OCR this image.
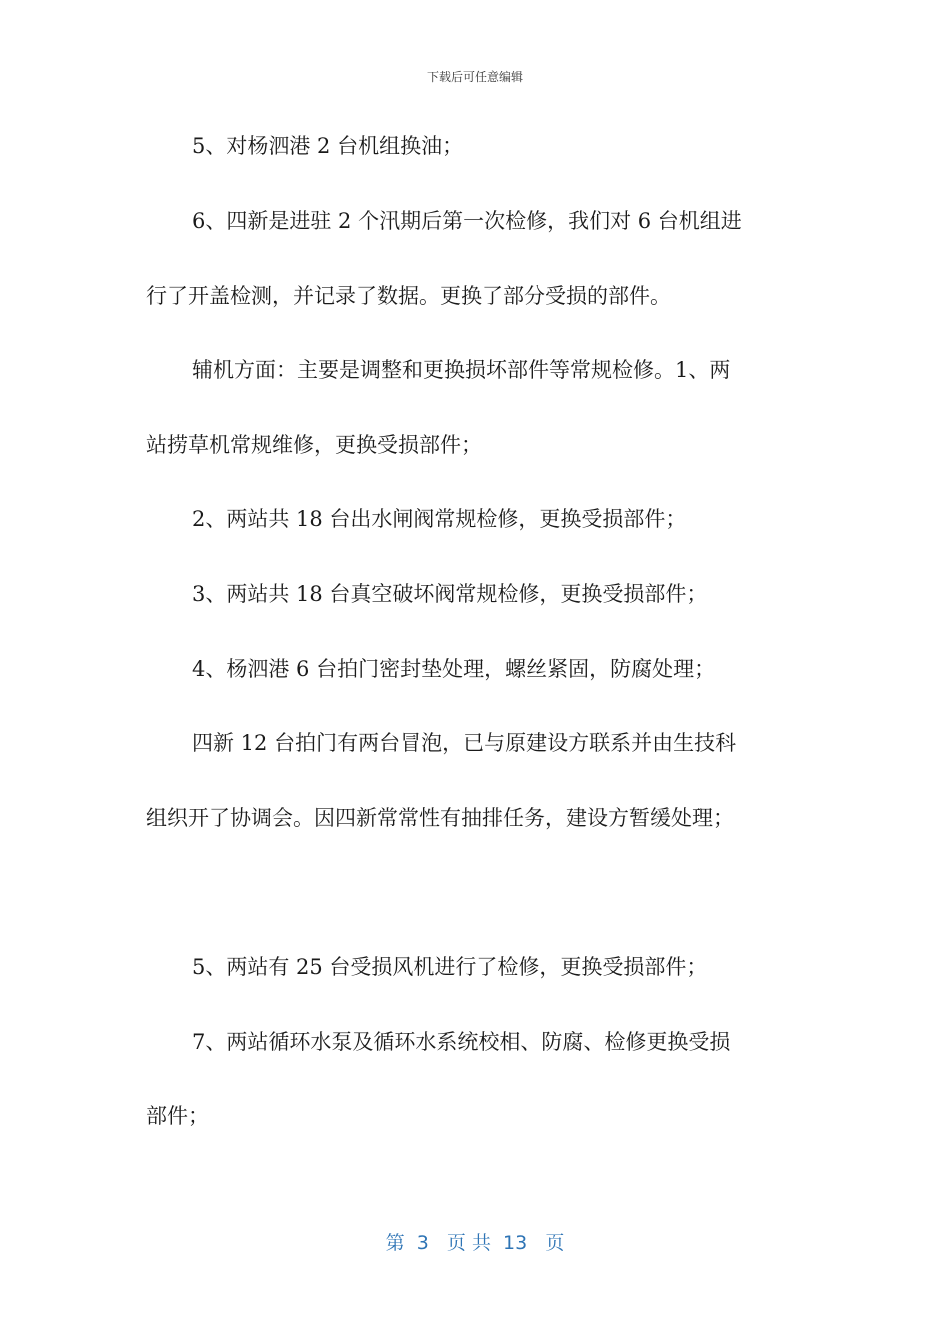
下载后可任意编辑
5、对杨泗港 2 台机组换油；
6、四新是进驻 2 个汛期后第一次检修，我们对 6 台机组进
行了开盖检测，并记录了数据。更换了部分受损的部件。
辅机方面：主要是调整和更换损坏部件等常规检修。1、两
站捞草机常规维修，更换受损部件；
2、两站共 18 台出水闸阀常规检修，更换受损部件；
3、两站共 18 台真空破坏阀常规检修，更换受损部件；
4、杨泗港 6 台拍门密封垫处理，螺丝紧固，防腐处理；
四新 12 台拍门有两台冒泡，已与原建设方联系并由生技科
组织开了协调会。因四新常常性有抽排任务，建设方暂缓处理；
5、两站有 25 台受损风机进行了检修，更换受损部件；
7、两站循环水泵及循环水系统校相、防腐、检修更换受损
部件；
第  3   页 共  13   页
